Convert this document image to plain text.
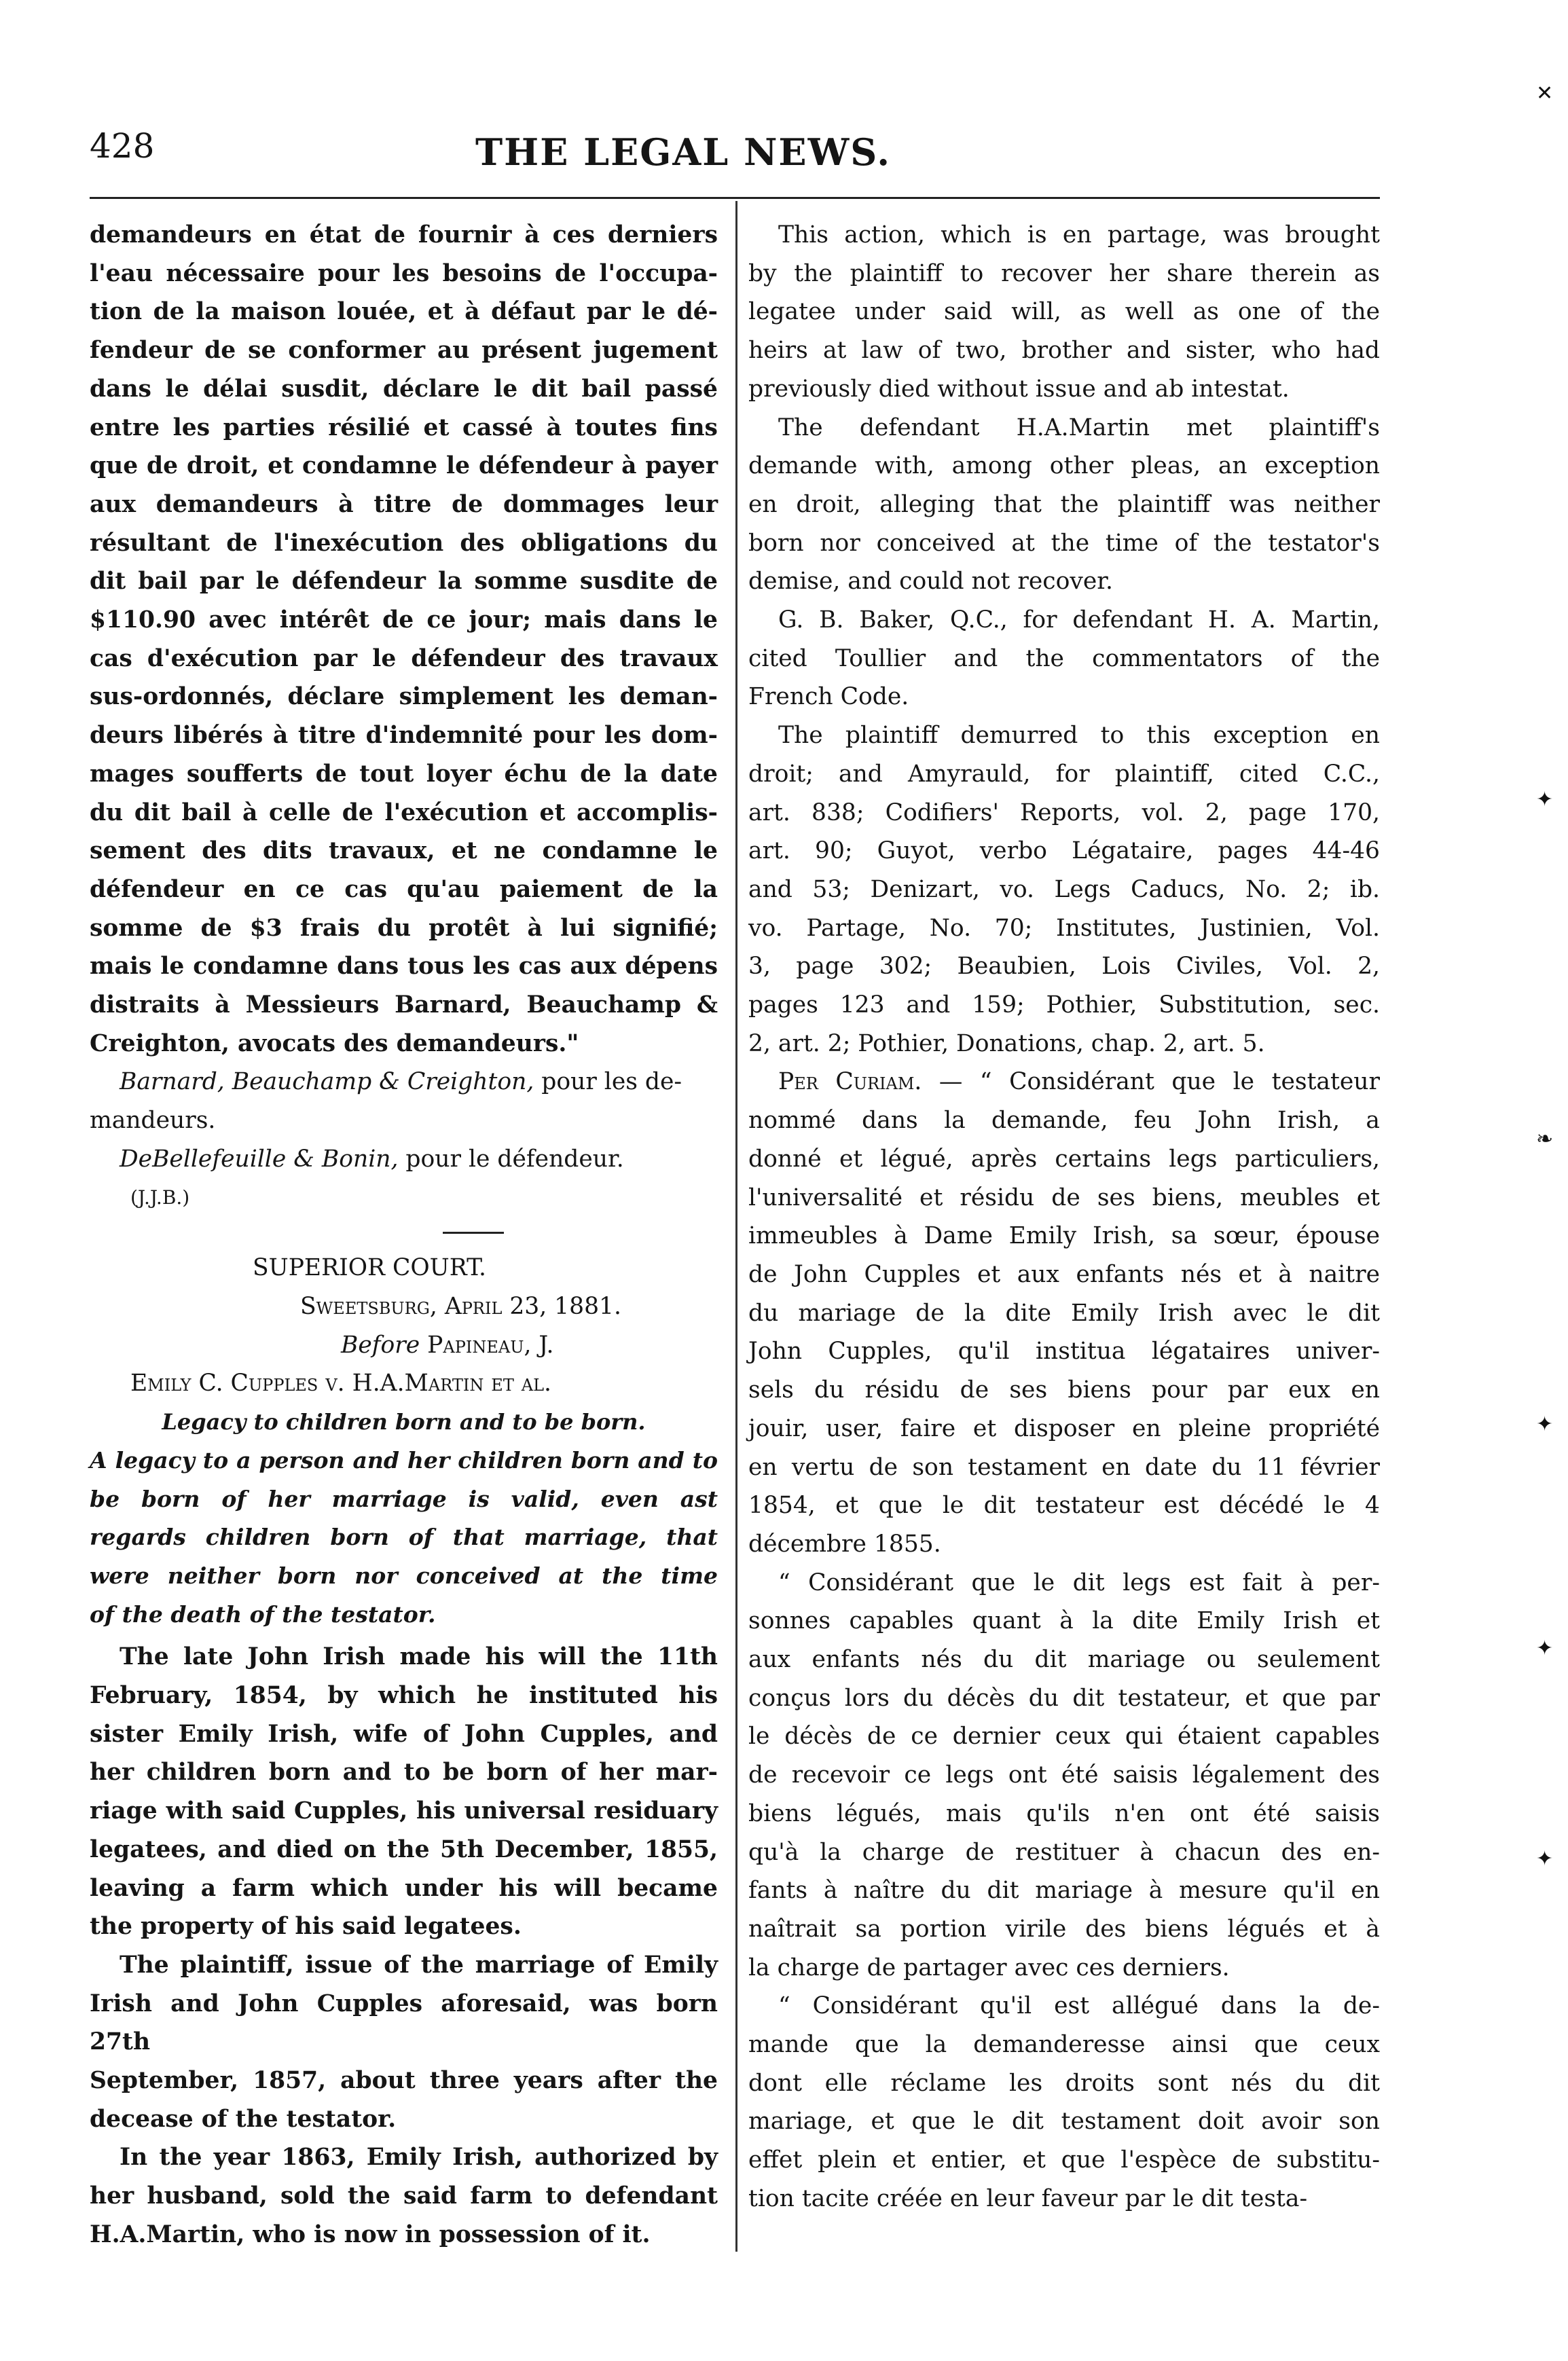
428	THE LEGAL NEWS.

demandeurs en état de fournir à ces derniers

l'eau nécessaire pour les besoins de l'occupa-

tion de la maison louée, et à défaut par le dé-

fendeur de se conformer au présent jugement

dans le délai susdit, déclare le dit bail passé

entre les parties résilié et cassé à toutes fins

que de droit, et condamne le défendeur à payer

aux demandeurs à titre de dommages leur

résultant de l'inexécution des obligations du

dit bail par le défendeur la somme susdite de

$110.90 avec intérêt de ce jour; mais dans le

cas d'exécution par le défendeur des travaux

sus-ordonnés, déclare simplement les deman-

deurs libérés à titre d'indemnité pour les dom-

mages soufferts de tout loyer échu de la date

du dit bail à celle de l'exécution et accomplis-

sement des dits travaux, et ne condamne le

défendeur en ce cas qu'au paiement de la

somme de $3 frais du protêt à lui signifié;

mais le condamne dans tous les cas aux dépens

distraits à Messieurs Barnard, Beauchamp &

Creighton, avocats des demandeurs."

Barnard, Beauchamp & Creighton, pour les de-

mandeurs.

DeBellefeuille & Bonin, pour le défendeur.

(J.J.B.)

SUPERIOR COURT.

Sweetsburg, April 23, 1881.

Before Papineau, J.

Emily C. Cupples v. H.A.Martin et al.

Legacy to children born and to be born.

A legacy to a person and her children born and to

be born of her marriage is valid, even ast

regards children born of that marriage, that

were neither born nor conceived at the time

of the death of the testator.

The late John Irish made his will the 11th

February, 1854, by which he instituted his

sister Emily Irish, wife of John Cupples, and

her children born and to be born of her mar-

riage with said Cupples, his universal residuary

legatees, and died on the 5th December, 1855,

leaving a farm which under his will became

the property of his said legatees.

The plaintiff, issue of the marriage of Emily

Irish and John Cupples aforesaid, was born 27th

September, 1857, about three years after the

decease of the testator.

In the year 1863, Emily Irish, authorized by

her husband, sold the said farm to defendant

H.A.Martin, who is now in possession of it.

This action, which is en partage, was brought

by the plaintiff to recover her share therein as

legatee under said will, as well as one of the

heirs at law of two, brother and sister, who had

previously died without issue and ab intestat.

The defendant H.A.Martin met plaintiff's

demande with, among other pleas, an exception

en droit, alleging that the plaintiff was neither

born nor conceived at the time of the testator's

demise, and could not recover.

G. B. Baker, Q.C., for defendant H. A. Martin,

cited Toullier and the commentators of the

French Code.

The plaintiff demurred to this exception en

droit; and Amyrauld, for plaintiff, cited C.C.,

art. 838; Codifiers' Reports, vol. 2, page 170,

art. 90; Guyot, verbo Légataire, pages 44-46

and 53; Denizart, vo. Legs Caducs, No. 2; ib.

vo. Partage, No. 70; Institutes, Justinien, Vol.

3, page 302; Beaubien, Lois Civiles, Vol. 2,

pages 123 and 159; Pothier, Substitution, sec.

2, art. 2; Pothier, Donations, chap. 2, art. 5.

Per Curiam. — “ Considérant que le testateur

nommé dans la demande, feu John Irish, a

donné et légué, après certains legs particuliers,

l'universalité et résidu de ses biens, meubles et

immeubles à Dame Emily Irish, sa sœur, épouse

de John Cupples et aux enfants nés et à naitre

du mariage de la dite Emily Irish avec le dit

John Cupples, qu'il institua légataires univer-

sels du résidu de ses biens pour par eux en

jouir, user, faire et disposer en pleine propriété

en vertu de son testament en date du 11 février

1854, et que le dit testateur est décédé le 4

décembre 1855.

“ Considérant que le dit legs est fait à per-

sonnes capables quant à la dite Emily Irish et

aux enfants nés du dit mariage ou seulement

conçus lors du décès du dit testateur, et que par

le décès de ce dernier ceux qui étaient capables

de recevoir ce legs ont été saisis légalement des

biens légués, mais qu'ils n'en ont été saisis

qu'à la charge de restituer à chacun des en-

fants à naître du dit mariage à mesure qu'il en

naîtrait sa portion virile des biens légués et à

la charge de partager avec ces derniers.

“ Considérant qu'il est allégué dans la de-

mande que la demanderesse ainsi que ceux

dont elle réclame les droits sont nés du dit

mariage, et que le dit testament doit avoir son

effet plein et entier, et que l'espèce de substitu-

tion tacite créée en leur faveur par le dit testa-

✕
✦
❧
✦
✦
✦
